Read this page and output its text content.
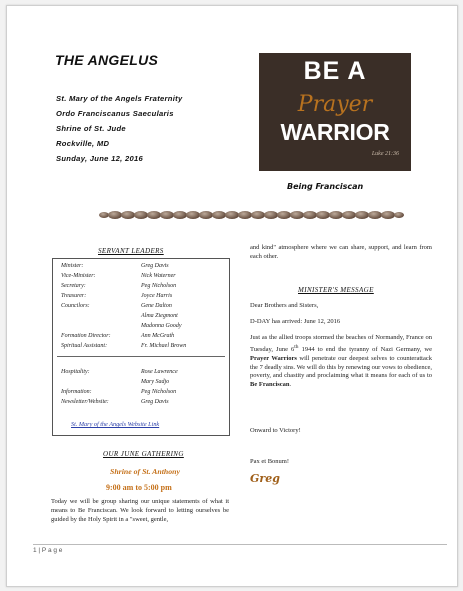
THE ANGELUS
St. Mary of the Angels Fraternity
Ordo Franciscanus Saecularis
Shrine of St. Jude
Rockville, MD
Sunday, June 12, 2016
BE A
Prayer
WARRIOR
Luke 21:36
Being Franciscan
SERVANT LEADERS
Minister:	Greg Davis
Vice-Minister:	Nick Waterner
Secretary:	Peg Nicholson
Treasurer:	Joyce Harris
Councilors:	Gene Dalton
Alma Ziegmont
Madonna Goody
Formation Director:	Ann McGrath
Spiritual Assistant:	Fr. Michael Brown
Hospitality:	Rose Lawrence
Mary Sadjo
Information:	Peg Nicholson
Newsletter/Website:	Greg Davis
St. Mary of the Angels Website Link
OUR JUNE GATHERING
Shrine of St. Anthony
9:00 am to 5:00 pm
Today we will be group sharing our unique statements of what it means to Be Franciscan. We look forward to letting ourselves be guided by the Holy Spirit in a "sweet, gentle,
and kind" atmosphere where we can share, support, and learn from each other.
MINISTER'S MESSAGE
Dear Brothers and Sisters,
D-DAY has arrived: June 12, 2016
Just as the allied troops stormed the beaches of Normandy, France on Tuesday, June 6th 1944 to end the tyranny of Nazi Germany, we Prayer Warriors will penetrate our deepest selves to counterattack the 7 deadly sins. We will do this by renewing our vows to obedience, poverty, and chastity and proclaiming what it means for each of us to Be Franciscan.
Onward to Victory!
Pax et Bonum!
Greg
1 | P a g e
